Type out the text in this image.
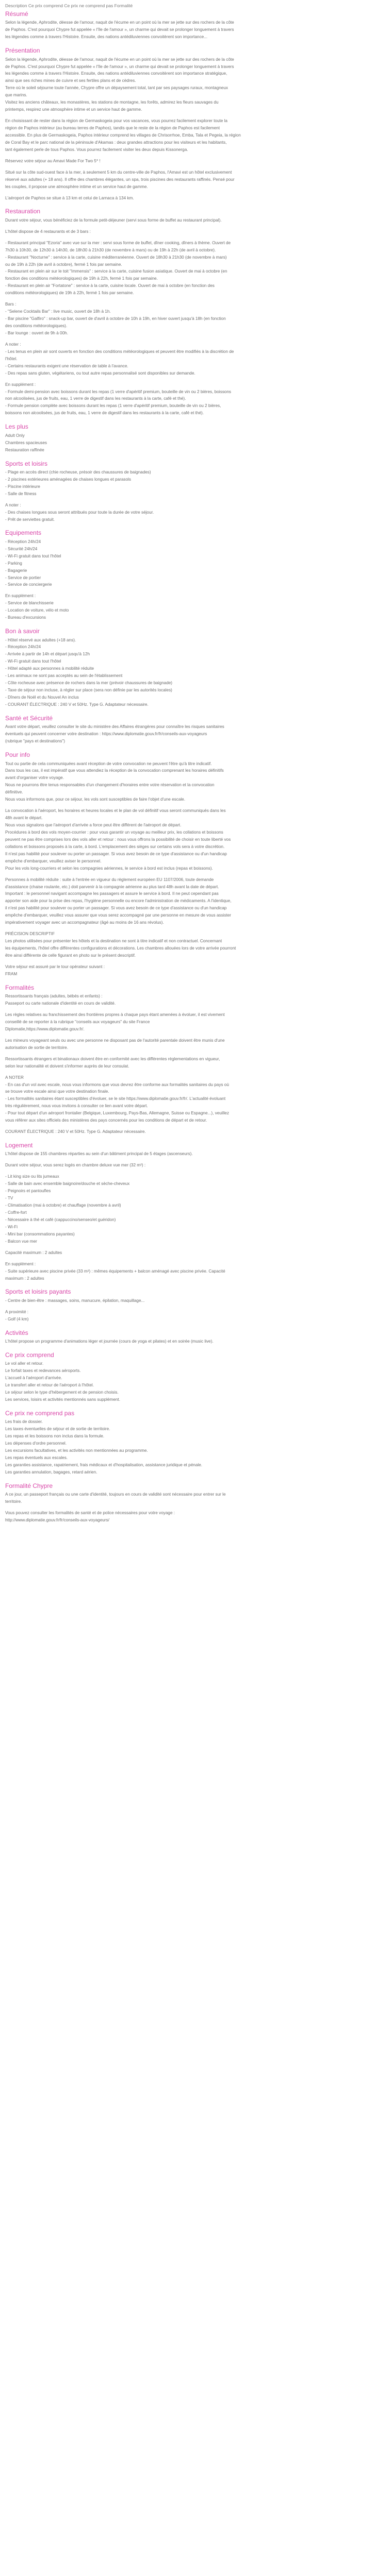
Description Ce prix comprend Ce prix ne comprend pas Formalité
Résumé

Selon la légende, Aphrodite, déesse de l'amour, naquit de l'écume en un point où la mer se jette sur des rochers de la côte

de Paphos. C'est pourquoi Chypre fut appelée « l'île de l'amour », un charme qui devait se prolonger longuement à travers

les légendes comme à travers l'Histoire. Ensuite, des nations antédiluviennes convoitèrent son importance...

Présentation

Selon la légende, Aphrodite, déesse de l'amour, naquit de l'écume en un point où la mer se jette sur des rochers de la côte

de Paphos. C'est pourquoi Chypre fut appelée « l'île de l'amour », un charme qui devait se prolonger longuement à travers

les légendes comme à travers l'Histoire. Ensuite, des nations antédiluviennes convoitèrent son importance stratégique,

ainsi que ses riches mines de cuivre et ses fertiles plans et de cèdres.

Terre où le soleil séjourne toute l'année, Chypre offre un dépaysement total, tant par ses paysages ruraux, montagneux

que marins.

Visitez les anciens châteaux, les monastères, les stations de montagne, les forêts, admirez les fleurs sauvages du

printemps, respirez une atmosphère intime et un service haut de gamme.

En choisissant de rester dans la région de Germaskogeia pour vos vacances, vous pourrez facilement explorer toute la

région de Paphos intérieur (au bureau terres de Paphos), tandis que le reste de la région de Paphos est facilement

accessible. En plus de Germaskogeia, Paphos intérieur comprend les villages de Chrisorrhoe, Emba, Tala et Pegeia, la région

de Coral Bay et le parc national de la péninsule d'Akamas : deux grandes attractions pour les visiteurs et les habitants,

tant également perle de tous Paphos. Vous pourrez facilement visiter les deux depuis Kissonerga.

Réservez votre séjour au Amavi Made For Two 5* !

Situé sur la côte sud-ouest face à la mer, à seulement 5 km du centre-ville de Paphos, l'Amavi est un hôtel exclusivement

réservé aux adultes (+ 18 ans). Il offre des chambres élégantes, un spa, trois piscines des restaurants raffinés. Pensé pour

les couples, il propose une atmosphère intime et un service haut de gamme.

L'aéroport de Paphos se situe à 13 km et celui de Larnaca à 134 km.

Restauration

Durant votre séjour, vous bénéficiez de la formule petit-déjeuner (servi sous forme de buffet au restaurant principal).

L'hôtel dispose de 4 restaurants et de 3 bars :

- Restaurant principal "Ezoria" avec vue sur la mer : servi sous forme de buffet, dîner cooking, dîners à thème. Ouvert de

7h30 à 10h30, de 12h30 à 14h30, de 18h30 à 21h30 (de novembre à mars) ou de 19h à 22h (de avril à octobre).

- Restaurant "Nocturne" : service à la carte, cuisine méditerranéenne. Ouvert de 18h30 à 21h30 (de novembre à mars)

ou de 19h à 22h (de avril à octobre), fermé 1 fois par semaine.

- Restaurant en plein air sur le toit "Immensis" : service à la carte, cuisine fusion asiatique. Ouvert de mai à octobre (en

fonction des conditions météorologiques) de 19h à 22h, fermé 1 fois par semaine.

- Restaurant en plein air "Fortatone" : service à la carte, cuisine locale. Ouvert de mai à octobre (en fonction des

conditions météorologiques) de 19h à 22h, fermé 1 fois par semaine.

Bars :

- "Selene Cocktails Bar" : live music, ouvert de 18h à 1h.

- Bar piscine "Galfiro" : snack-up bar, ouvert de d'avril à octobre de 10h à 19h, en hiver ouvert jusqu'à 18h (en fonction

des conditions météorologiques).

- Bar lounge : ouvert de 9h à 00h.

A noter :

- Les tenus en plein air sont ouverts en fonction des conditions météorologiques et peuvent être modifiés à la discrétion de

l'hôtel.

- Certains restaurants exigent une réservation de table à l'avance.

- Des repas sans gluten, végétariens, ou tout autre repas personnalisé sont disponibles sur demande.

En supplément :

- Formule demi-pension avec boissons durant les repas (1 verre d'apéritif premium, bouteille de vin ou 2 bières, boissons

non alcoolisées, jus de fruits, eau, 1 verre de digestif dans les restaurants à la carte, café et thé).

- Formule pension complète avec boissons durant les repas (1 verre d'apéritif premium, bouteille de vin ou 2 bières,

boissons non alcoolisées, jus de fruits, eau, 1 verre de digestif dans les restaurants à la carte, café et thé).

Les plus

Adult Only

Chambres spacieuses

Restauration raffinée

Sports et loisirs

- Plage en accès direct (chie rocheuse, présoir des chaussures de baignades)

- 2 piscines extérieures aménagées de chaises longues et parasols

- Piscine intérieure

- Salle de fitness

A noter :

- Des chaises longues sous seront attribués pour toute la durée de votre séjour.

- Prêt de serviettes gratuit.

Equipements

- Réception 24h/24

- Sécurité 24h/24

- Wi-Fi gratuit dans tout l'hôtel

- Parking

- Bagagerie

- Service de portier

- Service de conciergerie

En supplément :

- Service de blanchisserie

- Location de voiture, vélo et moto

- Bureau d'excursions

Bon à savoir

- Hôtel réservé aux adultes (+18 ans).

- Réception 24h/24

- Arrivée à partir de 14h et départ jusqu'à 12h

- Wi-Fi gratuit dans tout l'hôtel

- Hôtel adapté aux personnes à mobilité réduite

- Les animaux ne sont pas acceptés au sein de l'établissement

- Côte rocheuse avec présence de rochers dans la mer (prévoir chaussures de baignade)

- Taxe de séjour non incluse, à régler sur place (sera non définie par les autorités locales)

- Dîners de Noël et du Nouvel An inclus

- COURANT ÉLECTRIQUE : 240 V et 50Hz. Type G. Adaptateur nécessaire.

Santé et Sécurité

Avant votre départ, veuillez consulter le site du ministère des Affaires étrangères pour connaître les risques sanitaires

éventuels qui peuvent concerner votre destination : https://www.diplomatie.gouv.fr/fr/conseils-aux-voyageurs

(rubrique "pays et destinations")

Pour info

Tout ou partie de cela communiquées avant réception de votre convocation ne peuvent l'être qu'à titre indicatif.

Dans tous les cas, il est impératif que vous attendiez la réception de la convocation comprenant les horaires définitifs

avant d'organiser votre voyage.

Nous ne pourrons être tenus responsables d'un changement d'horaires entre votre réservation et la convocation

définitive.

Nous vous informons que, pour ce séjour, les vols sont susceptibles de faire l'objet d'une escale.

La convocation à l'aéroport, les horaires et heures locales et le plan de vol définitif vous seront communiqués dans les

48h avant le départ.

Nous vous signalons que l'aéroport d'arrivée a force peut être différent de l'aéroport de départ.

Procédures à bord des vols moyen-courrier : pour vous garantir un voyage au meilleur prix, les collations et boissons

peuvent ne pas être comprises lors des vols aller et retour : nous vous offrons la possibilité de choisir en toute liberté vos

collations et boissons proposés à la carte, à bord. L'emplacement des sièges sur certains vols sera à votre discrétion.

Il n'est pas habilité pour soulever ou porter un passager. Si vous avez besoin de ce type d'assistance ou d'un handicap

empêche d'embarquer, veuillez aviser le personnel.

Pour les vols long-courriers et selon les compagnies aériennes, le service à bord est inclus (repas et boissons).

Personnes à mobilité réduite : suite à l'entrée en vigueur du règlement européen EU 1107/2006, toute demande

d'assistance (chaise roulante, etc.) doit parvenir à la compagnie aérienne au plus tard 48h avant la date de départ.

Important : le personnel navigant accompagne les passagers et assure le service à bord. Il ne peut cependant pas

apporter son aide pour la prise des repas, l'hygiène personnelle ou encore l'administration de médicaments. A l'identique,

il n'est pas habilité pour soulever ou porter un passager. Si vous avez besoin de ce type d'assistance ou d'un handicap

empêche d'embarquer, veuillez vous assurer que vous serez accompagné par une personne en mesure de vous assister

impérativement voyager avec un accompagnateur (âgé au moins de 16 ans révolus).

PRÉCISION DESCRIPTIF

Les photos utilisées pour présenter les hôtels et la destination ne sont à titre indicatif et non contractuel. Concernant

les équipements, l'hôtel offre différentes configurations et décorations. Les chambres allouées lors de votre arrivée pourront

être ainsi différente de celle figurant en photo sur le présent descriptif.

Votre séjour est assuré par le tour opérateur suivant :

FRAM

Formalités

Ressortissants français (adultes, bébés et enfants) :

Passeport ou carte nationale d'identité en cours de validité.

Les règles relatives au franchissement des frontières propres à chaque pays étant amenées à évoluer, il est vivement

conseillé de se reporter à la rubrique "conseils aux voyageurs" du site France

Diplomatie,https://www.diplomatie.gouv.fr/.

Les mineurs voyageant seuls ou avec une personne ne disposant pas de l'autorité parentale doivent être munis d'une

autorisation de sortie de territoire.

Ressortissants étrangers et binationaux doivent être en conformité avec les différentes réglementations en vigueur,

selon leur nationalité et doivent s'informer auprès de leur consulat.

A NOTER

- En cas d'un vol avec escale, nous vous informons que vous devrez être conforme aux formalités sanitaires du pays où

se trouve votre escale ainsi que votre destination finale.

- Les formalités sanitaires étant susceptibles d'évoluer, se le site https://www.diplomatie.gouv.fr/fr/. L'actualité évoluant

très régulièrement, nous vous invitons à consulter ce lien avant votre départ.

- Pour tout départ d'un aéroport frontalier (Belgique, Luxembourg, Pays-Bas, Allemagne, Suisse ou Espagne...), veuillez

vous référer aux sites officiels des ministères des pays concernés pour les conditions de départ et de retour.

COURANT ÉLECTRIQUE : 240 V et 50Hz. Type G. Adaptateur nécessaire.

Logement

L'hôtel dispose de 155 chambres réparties au sein d'un bâtiment principal de 5 étages (ascenseurs).

Durant votre séjour, vous serez logés en chambre deluxe vue mer (32 m²) :

- Lit king size ou lits jumeaux

- Salle de bain avec ensemble baignoire/douche et sèche-cheveux

- Peignoirs et pantoufles

- TV

- Climatisation (mai à octobre) et chauffage (novembre à avril)

- Coffre-fort

- Nécessaire à thé et café (cappuccino/senseo/et guéridon)

- Wi-Fi

- Mini bar (consommations payantes)

- Balcon vue mer

Capacité maximum : 2 adultes

En supplément :

- Suite supérieure avec piscine privée (33 m²) : mêmes équipements + balcon aménagé avec piscine privée. Capacité

maximum : 2 adultes

Sports et loisirs payants

- Centre de bien-être : massages, soins, manucure, épilation, maquillage...

A proximité :

- Golf (4 km)

Activités

L'hôtel propose un programme d'animations léger et journée (cours de yoga et pilates) et en soirée (music live).

Ce prix comprend

Le vol aller et retour.

Le forfait taxes et redevances aéroports.

L'accueil à l'aéroport d'arrivée.

Le transfert aller et retour de l'aéroport à l'hôtel.

Le séjour selon le type d'hébergement et de pension choisis.

Les services, loisirs et activités mentionnés sans supplément.

Ce prix ne comprend pas

Les frais de dossier.

Les taxes éventuelles de séjour et de sortie de territoire.

Les repas et les boissons non inclus dans la formule.

Les dépenses d'ordre personnel.

Les excursions facultatives, et les activités non mentionnées au programme.

Les repas éventuels aux escales.

Les garanties assistance, rapatriement, frais médicaux et d'hospitalisation, assistance juridique et pénale.

Les garanties annulation, bagages, retard aérien.

Formalité Chypre

A ce jour, un passeport français ou une carte d'identité, toujours en cours de validité sont nécessaire pour entrer sur le

territoire.

Vous pouvez consulter les formalités de santé et de police nécessaires pour votre voyage :

http://www.diplomatie.gouv.fr/fr/conseils-aux-voyageurs/
